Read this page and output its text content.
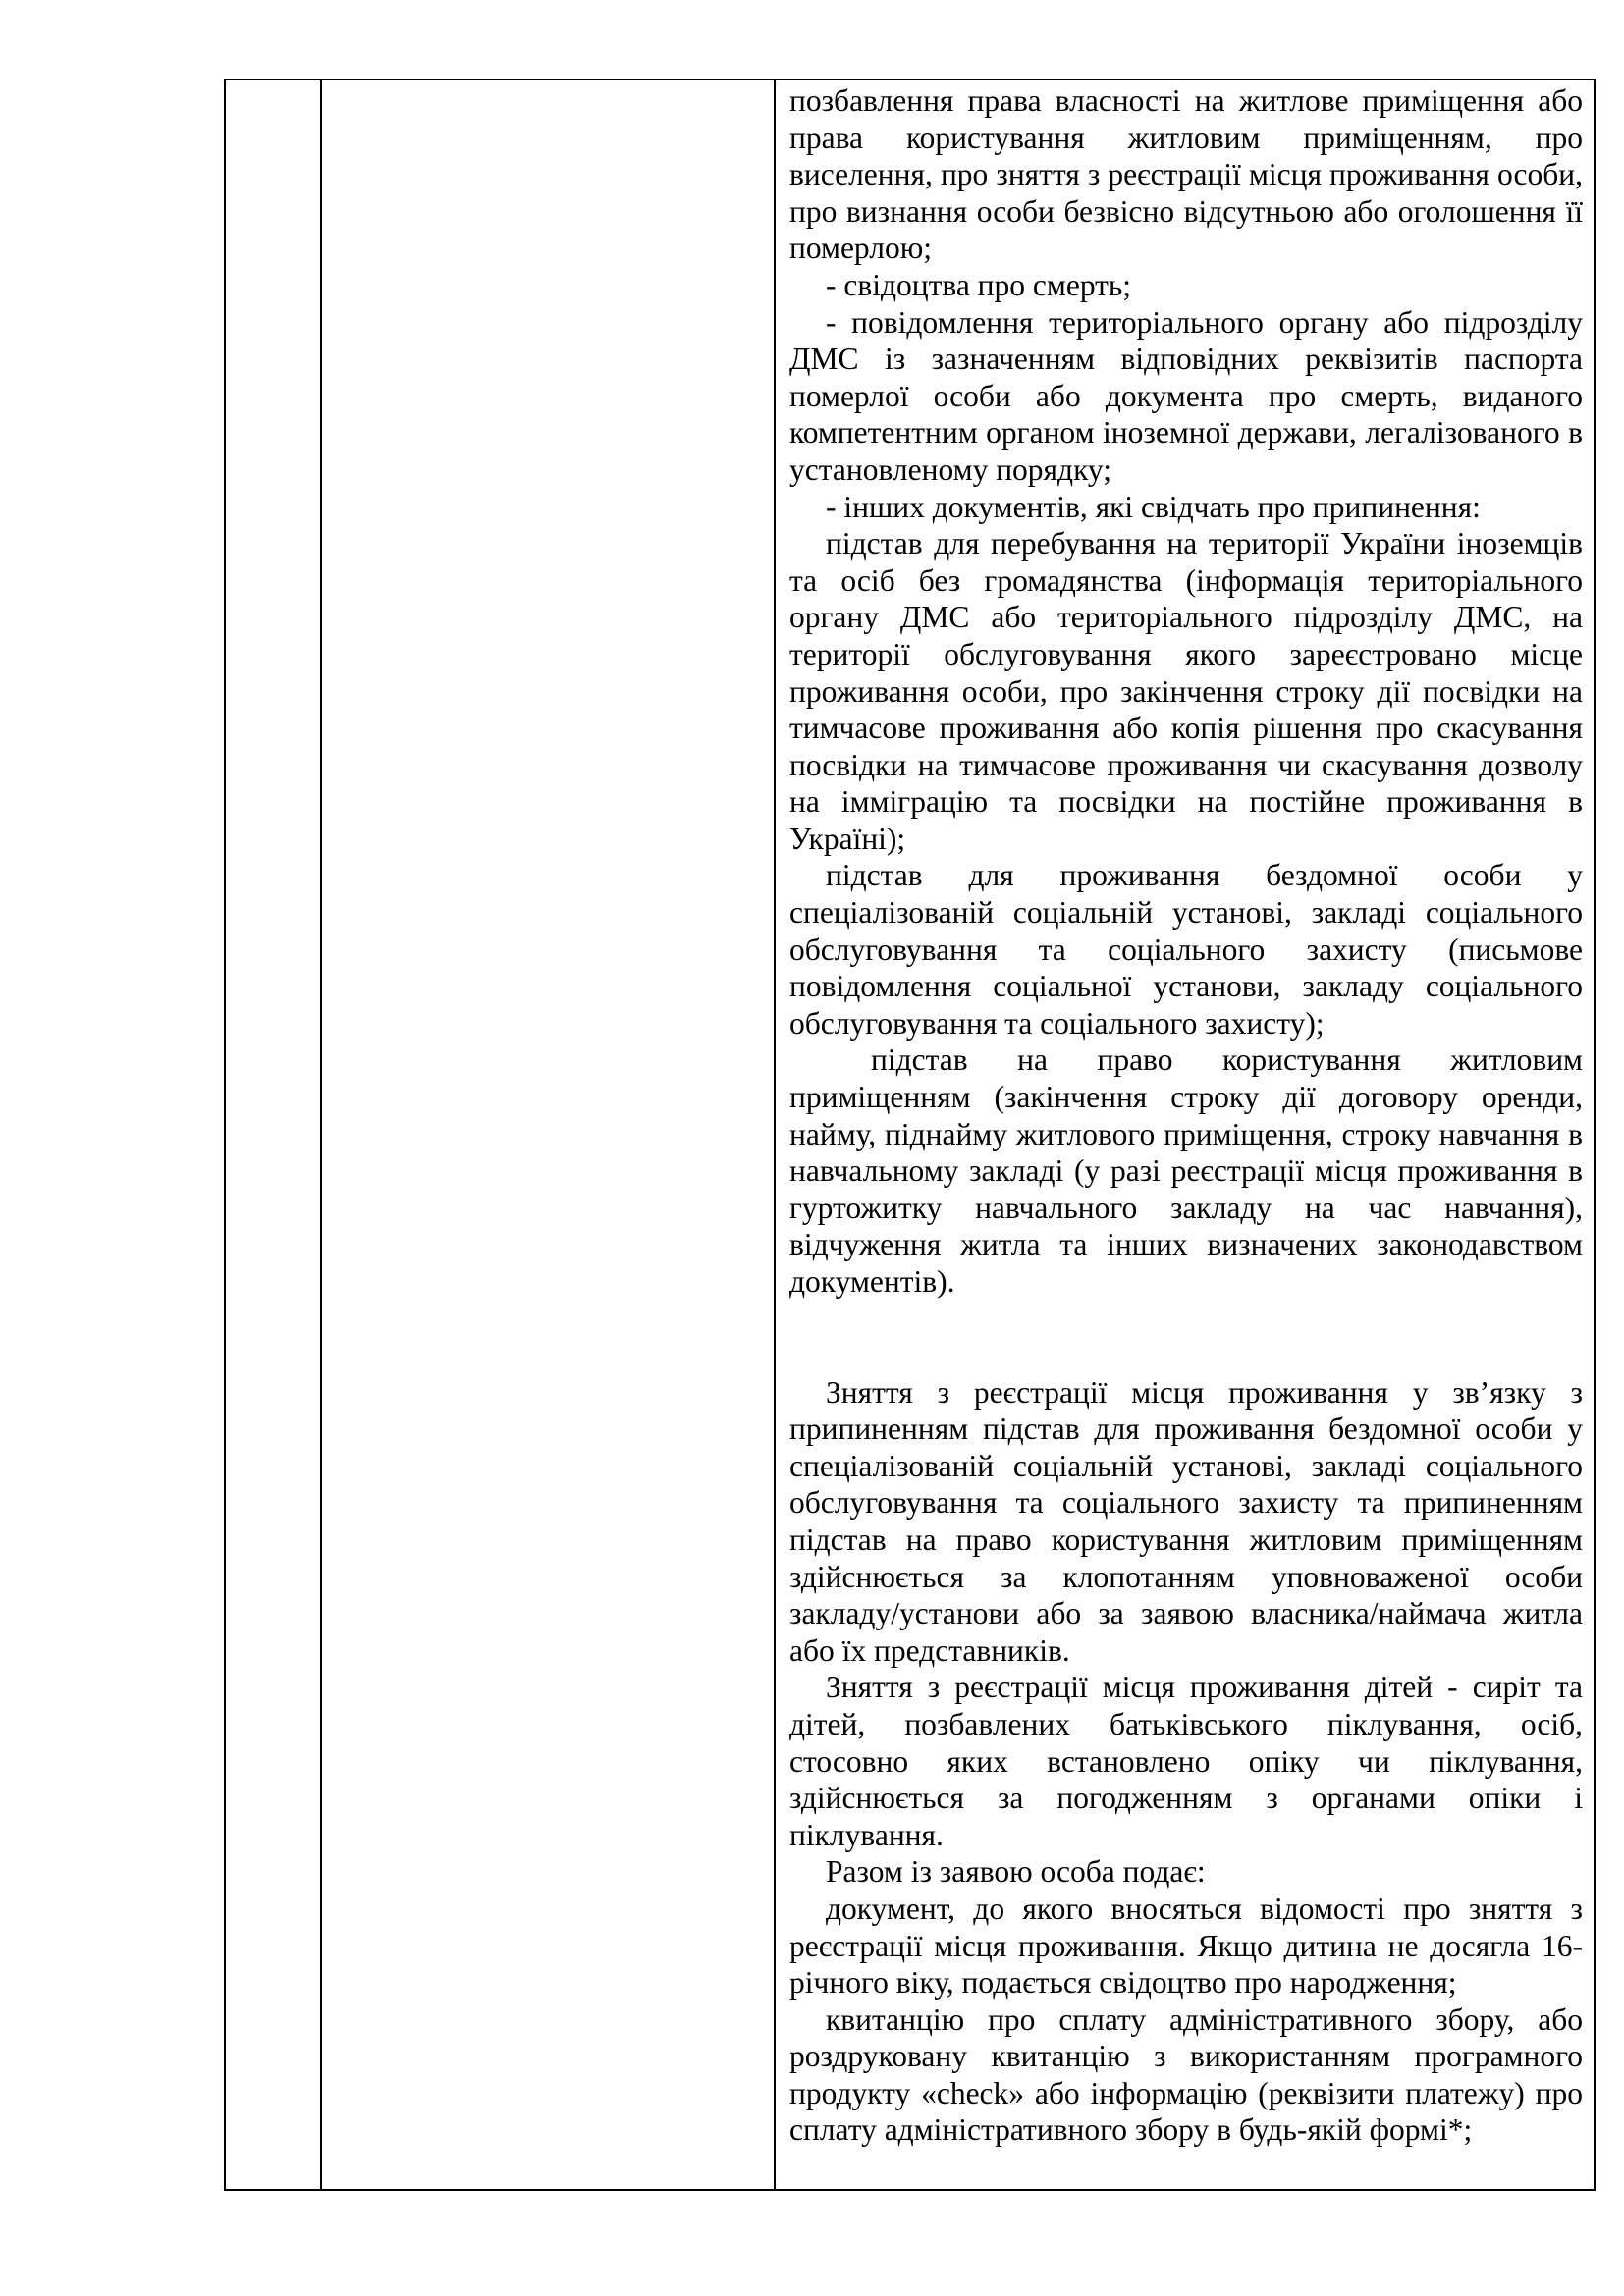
позбавлення права власності на житлове приміщення або права користування житловим приміщенням, про виселення, про зняття з реєстрації місця проживання особи, про визнання особи безвісно відсутньою або оголошення її померлою;

- свідоцтва про смерть;

- повідомлення територіального органу або підрозділу ДМС із зазначенням відповідних реквізитів паспорта померлої особи або документа про смерть, виданого компетентним органом іноземної держави, легалізованого в установленому порядку;

- інших документів, які свідчать про припинення:

підстав для перебування на території України іноземців та осіб без громадянства (інформація територіального органу ДМС або територіального підрозділу ДМС, на території обслуговування якого зареєстровано місце проживання особи, про закінчення строку дії посвідки на тимчасове проживання або копія рішення про скасування посвідки на тимчасове проживання чи скасування дозволу на імміграцію та посвідки на постійне проживання в Україні);

підстав для проживання бездомної особи у спеціалізованій соціальній установі, закладі соціального обслуговування та соціального захисту (письмове повідомлення соціальної установи, закладу соціального обслуговування та соціального захисту);

підстав на право користування житловим приміщенням (закінчення строку дії договору оренди, найму, піднайму житлового приміщення, строку навчання в навчальному закладі (у разі реєстрації місця проживання в гуртожитку навчального закладу на час навчання), відчуження житла та інших визначених законодавством документів).

Зняття з реєстрації місця проживання у зв’язку з припиненням підстав для проживання бездомної особи у спеціалізованій соціальній установі, закладі соціального обслуговування та соціального захисту та припиненням підстав на право користування житловим приміщенням здійснюється за клопотанням уповноваженої особи закладу/установи або за заявою власника/наймача житла або їх представників.

Зняття з реєстрації місця проживання дітей - сиріт та дітей, позбавлених батьківського піклування, осіб, стосовно яких встановлено опіку чи піклування, здійснюється за погодженням з органами опіки і піклування.

Разом із заявою особа подає:

документ, до якого вносяться відомості про зняття з реєстрації місця проживання. Якщо дитина не досягла 16-річного віку, подається свідоцтво про народження;

квитанцію про сплату адміністративного збору, або роздруковану квитанцію з використанням програмного продукту «check» або інформацію (реквізити платежу) про сплату адміністративного збору в будь-якій формі*;
